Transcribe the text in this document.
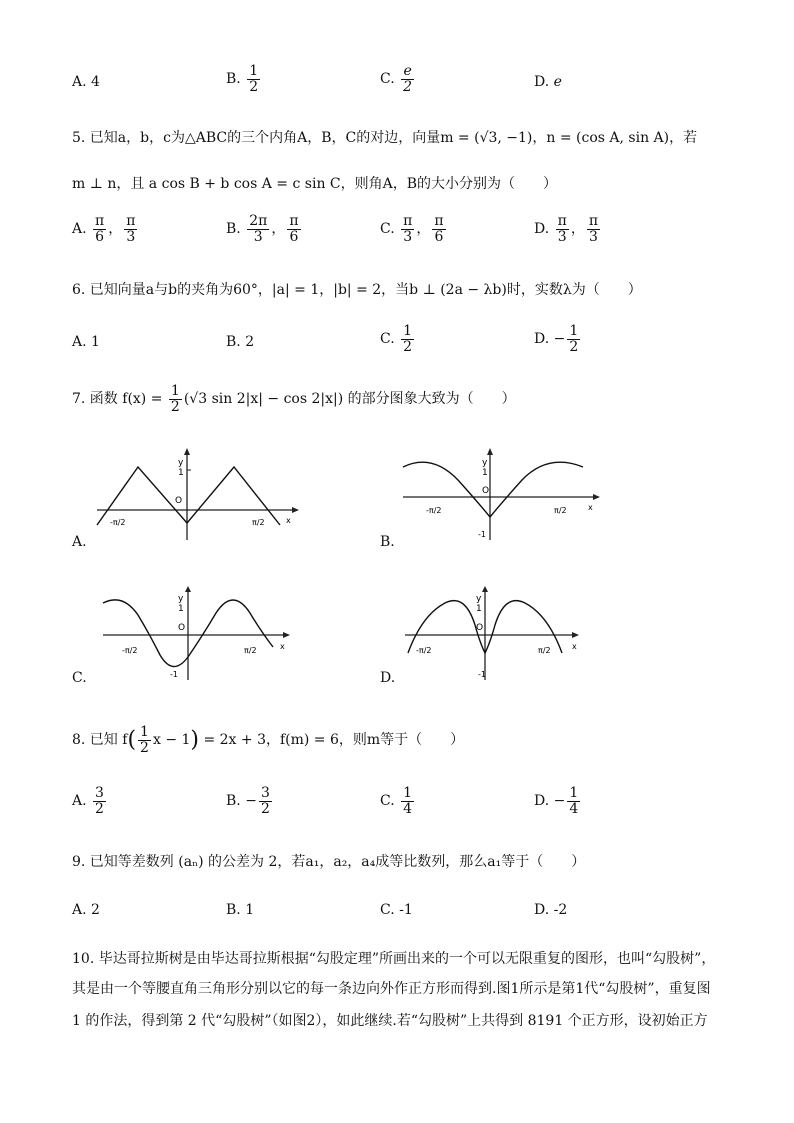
A. 4	B. $\frac{1}{2}$	C. $\frac{e}{2}$	D. e
5. 已知a，b，c为△ABC的三个内角A，B，C的对边，向量m = (√3, −1)，n = (cos A, sin A)，若
m ⊥ n，且 a cos B + b cos A = c sin C，则角A，B的大小分别为（　　）
A. $\frac{\pi}{6}$ ， $\frac{\pi}{3}$	B. $\frac{2\pi}{3}$ ， $\frac{\pi}{6}$	C. $\frac{\pi}{3}$ ， $\frac{\pi}{6}$	D. $\frac{\pi}{3}$ ， $\frac{\pi}{3}$
6. 已知向量a与b的夹角为60°，|a| = 1，|b| = 2，当b ⊥ (2a − λb)时，实数λ为（　　）
A. 1	B. 2	C. $\frac{1}{2}$	D. − $\frac{1}{2}$
7. 函数 $f(x) = \frac{1}{2} (√3$ sin 2|x| − cos 2|x|) 的部分图象大致为（　　）
A.
y
1
O
-π/2	π/2	x
B.
y
1
O
-1
-π/2	π/2	x
C.
y
1
O
-1
-π/2	π/2	x
D.
y
1
O
-1
-π/2	π/2	x
8. 已知 $f( \frac{1}{2}$ x − 1) = 2x + 3，f(m) = 6，则m等于（　　）
A. $\frac{3}{2}$	B. − $\frac{3}{2}$	C. $\frac{1}{4}$	D. − $\frac{1}{4}$
9. 已知等差数列 (aₙ) 的公差为 2，若a₁，a₂，a₄成等比数列，那么a₁等于（　　）
A. 2	B. 1	C. -1	D. -2
10. 毕达哥拉斯树是由毕达哥拉斯根据“勾股定理”所画出来的一个可以无限重复的图形，也叫“勾股树”，
其是由一个等腰直角三角形分别以它的每一条边向外作正方形而得到.图1所示是第1代“勾股树”，重复图
1 的作法，得到第 2 代“勾股树”（如图2），如此继续.若“勾股树”上共得到 8191 个正方形，设初始正方
